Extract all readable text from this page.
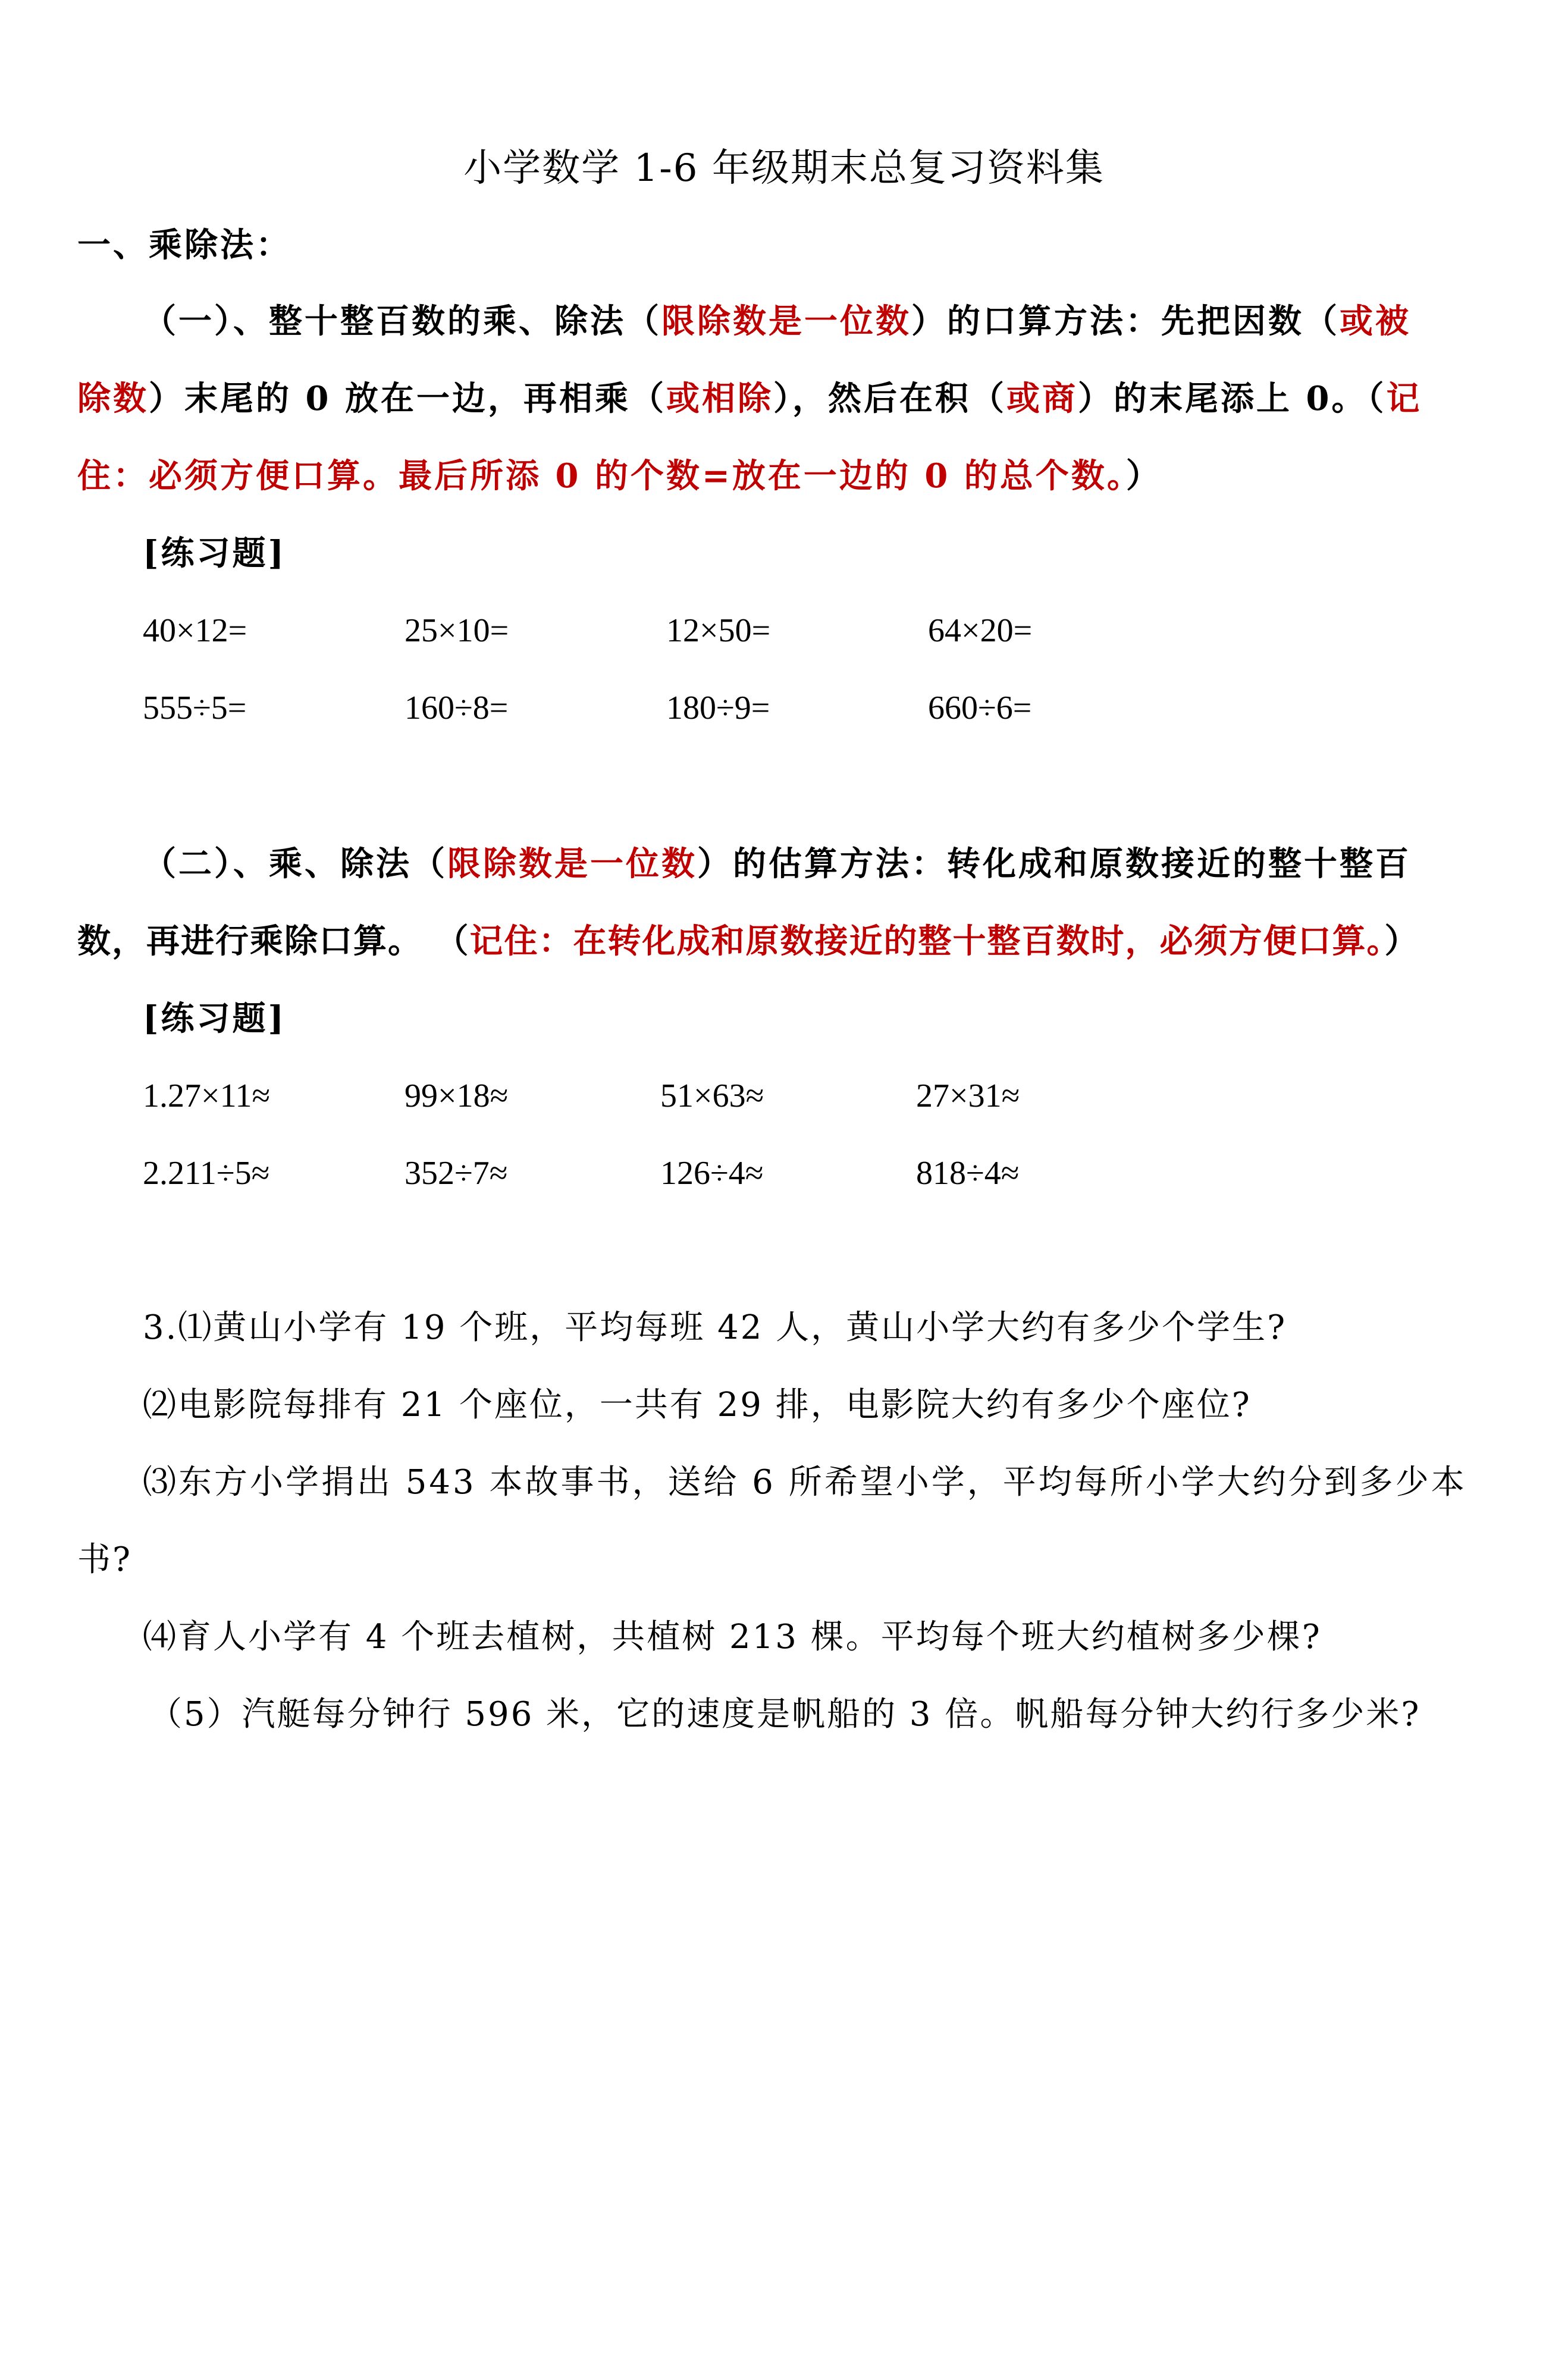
小学数学 1-6 年级期末总复习资料集
一、乘除法：
（一）、整十整百数的乘、除法（限除数是一位数）的口算方法：先把因数（或被
除数）末尾的 0 放在一边，再相乘（或相除），然后在积（或商）的末尾添上 0。（记
住：必须方便口算。最后所添 0 的个数=放在一边的 0 的总个数。）
[练习题]
40×12=	25×10=	12×50=	64×20=
555÷5=	160÷8=	180÷9=	660÷6=
（二）、乘、除法（限除数是一位数）的估算方法：转化成和原数接近的整十整百
数，再进行乘除口算。 （记住：在转化成和原数接近的整十整百数时，必须方便口算。）
[练习题]
1.27×11≈	99×18≈	51×63≈	27×31≈
2.211÷5≈	352÷7≈	126÷4≈	818÷4≈
3.⑴黄山小学有 19 个班，平均每班 42 人，黄山小学大约有多少个学生?
⑵电影院每排有 21 个座位，一共有 29 排，电影院大约有多少个座位?
⑶东方小学捐出 543 本故事书，送给 6 所希望小学，平均每所小学大约分到多少本
书?
⑷育人小学有 4 个班去植树，共植树 213 棵。平均每个班大约植树多少棵?
（5）汽艇每分钟行 596 米，它的速度是帆船的 3 倍。帆船每分钟大约行多少米?
